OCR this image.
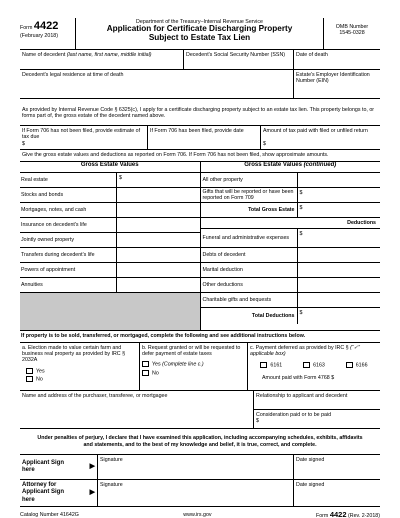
Form 4422
(February 2018)
Department of the Treasury–Internal Revenue Service
Application for Certificate Discharging Property
Subject to Estate Tax Lien
OMB Number
1545-0328
Name of decedent (last name, first name, middle initial)	Decedent's Social Security Number (SSN)	Date of death
Decedent's legal residence at time of death	Estate's Employer Identification Number (EIN)
As provided by Internal Revenue Code § 6325(c), I apply for a certificate discharging property subject to an estate tax lien. This property belongs to, or forms part of, the gross estate of the decedent named above.
If Form 706 has not been filed, provide estimate of tax due
$
If Form 706 has been filed, provide date	Amount of tax paid with filed or unfiled return
$
Give the gross estate values and deductions as reported on Form 706. If Form 706 has not been filed, show approximate amounts.
Gross Estate Values
Real estate	$
Stocks and bonds
Mortgages, notes, and cash
Insurance on decedent's life
Jointly owned property
Transfers during decedent's life
Powers of appointment
Annuities
Gross Estate Values (continued)
All other property
Gifts that will be reported or have been reported on Form 709
$
Total Gross Estate $
Deductions
Funeral and administrative expenses
$
Debts of decedent
Marital deduction
Other deductions
Charitable gifts and bequests
Total Deductions
$
If property is to be sold, transferred, or mortgaged, complete the following and see additional instructions below.
a. Election made to value certain farm and business real property as provided by IRC § 2032A
Yes
No
b. Request granted or will be requested to defer payment of estate taxes
Yes (Complete line c.)
No
c. Payment deferred as provided by IRC § (“✓” applicable box)
6161	6163	6166
Amount paid with Form 4768 $
Name and address of the purchaser, transferee, or mortgagee	Relationship to applicant and decedent
Consideration paid or to be paid
$
Under penalties of perjury, I declare that I have examined this application, including accompanying schedules, exhibits, affidavits and statements, and to the best of my knowledge and belief, it is true, correct, and complete.
Applicant Sign here
▶
Signature	Date signed
Attorney for Applicant Sign here
▶
Signature	Date signed
Catalog Number 41642G	www.irs.gov	Form 4422 (Rev. 2-2018)
